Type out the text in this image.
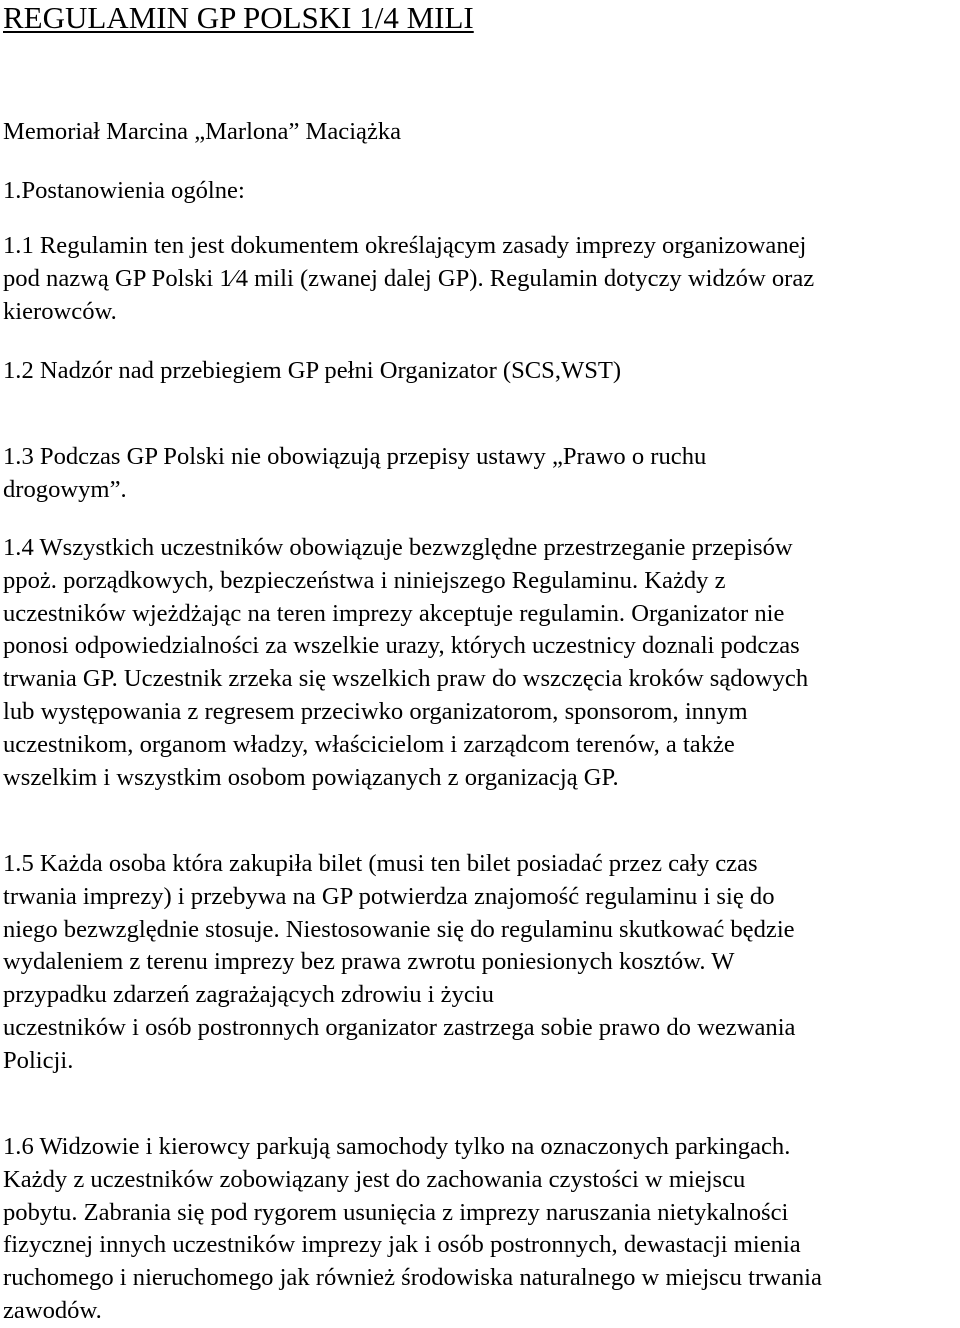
REGULAMIN GP POLSKI 1/4 MILI

Memoriał Marcina „Marlona” Maciążka

1.Postanowienia ogólne:

1.1 Regulamin ten jest dokumentem określającym zasady imprezy organizowanej
pod nazwą GP Polski 1⁄4 mili (zwanej dalej GP). Regulamin dotyczy widzów oraz
kierowców.
1.2 Nadzór nad przebiegiem GP pełni Organizator (SCS,WST)
1.3 Podczas GP Polski nie obowiązują przepisy ustawy „Prawo o ruchu
drogowym”.
1.4 Wszystkich uczestników obowiązuje bezwzględne przestrzeganie przepisów
ppoż. porządkowych, bezpieczeństwa i niniejszego Regulaminu. Każdy z
uczestników wjeżdżając na teren imprezy akceptuje regulamin. Organizator nie
ponosi odpowiedzialności za wszelkie urazy, których uczestnicy doznali podczas
trwania GP. Uczestnik zrzeka się wszelkich praw do wszczęcia kroków sądowych
lub występowania z regresem przeciwko organizatorom, sponsorom, innym
uczestnikom, organom władzy, właścicielom i zarządcom terenów, a także
wszelkim i wszystkim osobom powiązanych z organizacją GP.
1.5 Każda osoba która zakupiła bilet (musi ten bilet posiadać przez cały czas
trwania imprezy) i przebywa na GP potwierdza znajomość regulaminu i się do
niego bezwzględnie stosuje. Niestosowanie się do regulaminu skutkować będzie
wydaleniem z terenu imprezy bez prawa zwrotu poniesionych kosztów. W
przypadku zdarzeń zagrażających zdrowiu i życiu
uczestników i osób postronnych organizator zastrzega sobie prawo do wezwania
Policji.
1.6 Widzowie i kierowcy parkują samochody tylko na oznaczonych parkingach.
Każdy z uczestników zobowiązany jest do zachowania czystości w miejscu
pobytu. Zabrania się pod rygorem usunięcia z imprezy naruszania nietykalności
fizycznej innych uczestników imprezy jak i osób postronnych, dewastacji mienia
ruchomego i nieruchomego jak również środowiska naturalnego w miejscu trwania
zawodów.
